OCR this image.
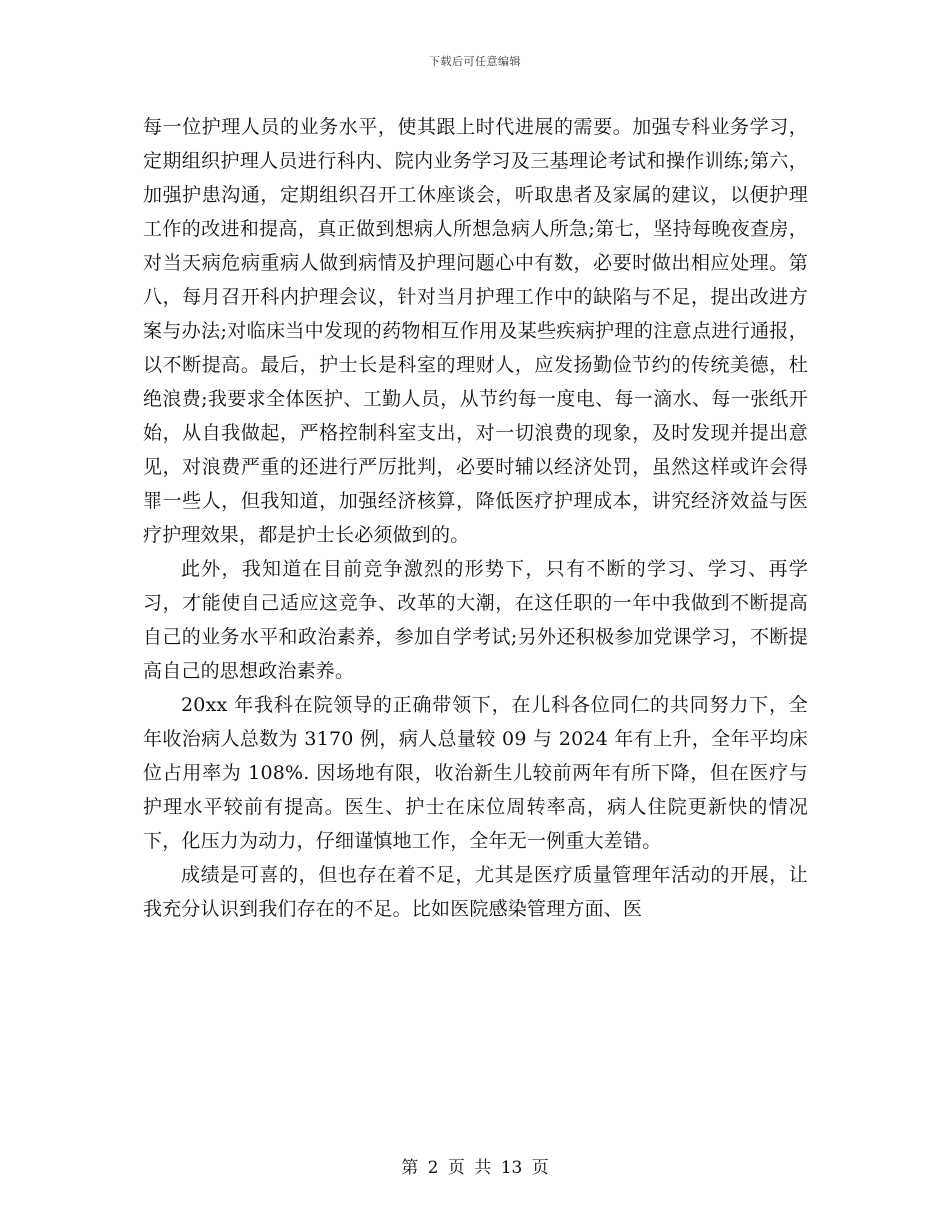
下载后可任意编辑

每一位护理人员的业务水平，使其跟上时代进展的需要。加强专科业务学习，定期组织护理人员进行科内、院内业务学习及三基理论考试和操作训练;第六，加强护患沟通，定期组织召开工休座谈会，听取患者及家属的建议，以便护理工作的改进和提高，真正做到想病人所想急病人所急;第七，坚持每晚夜查房，对当天病危病重病人做到病情及护理问题心中有数，必要时做出相应处理。第八，每月召开科内护理会议，针对当月护理工作中的缺陷与不足，提出改进方案与办法;对临床当中发现的药物相互作用及某些疾病护理的注意点进行通报，以不断提高。最后，护士长是科室的理财人，应发扬勤俭节约的传统美德，杜绝浪费;我要求全体医护、工勤人员，从节约每一度电、每一滴水、每一张纸开始，从自我做起，严格控制科室支出，对一切浪费的现象，及时发现并提出意见，对浪费严重的还进行严厉批判，必要时辅以经济处罚，虽然这样或许会得罪一些人，但我知道，加强经济核算，降低医疗护理成本，讲究经济效益与医疗护理效果，都是护士长必须做到的。

此外，我知道在目前竞争激烈的形势下，只有不断的学习、学习、再学习，才能使自己适应这竞争、改革的大潮，在这任职的一年中我做到不断提高自己的业务水平和政治素养，参加自学考试;另外还积极参加党课学习，不断提高自己的思想政治素养。

20xx 年我科在院领导的正确带领下，在儿科各位同仁的共同努力下，全年收治病人总数为 3170 例，病人总量较 09 与 2024 年有上升，全年平均床位占用率为 108%. 因场地有限，收治新生儿较前两年有所下降，但在医疗与护理水平较前有提高。医生、护士在床位周转率高，病人住院更新快的情况下，化压力为动力，仔细谨慎地工作，全年无一例重大差错。

成绩是可喜的，但也存在着不足，尤其是医疗质量管理年活动的开展，让我充分认识到我们存在的不足。比如医院感染管理方面、医

第 2 页 共 13 页
